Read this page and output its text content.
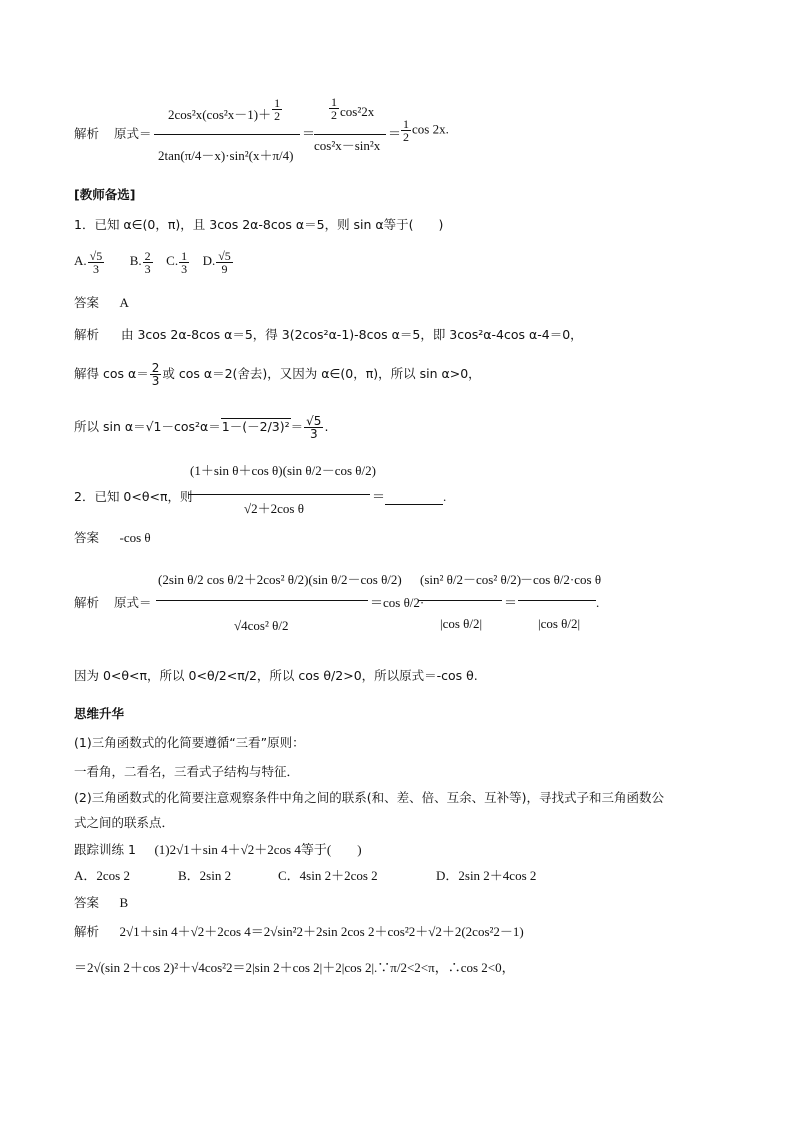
解析 原式＝
$2\cos^2x(\cos^2x-1)+ \frac{1}{2}$
2tan(π/4－x)·sin²(x＋π/4)
＝
$\frac{1}{2} \cos^22x$
cos²x－sin²x
＝ $\frac{1}{2}$ cos 2x.
[教师备选]
1．已知 α∈(0，π)，且 3cos 2α-8cos α＝5，则 sin α等于(　　)
A. $\frac{√5}{3} B$. $\frac{2}{3} C$. $\frac{1}{3} D$. $\frac{√5}{9}$
答案 A
解析 由 3cos 2α-8cos α＝5，得 3(2cos²α-1)-8cos α＝5，即 3cos²α-4cos α-4＝0，
解得 $\cos \alpha= \frac{2}{3}$ 或 cos α＝2(舍去)，又因为 α∈(0，π)，所以 sin α>0，
所以 $\sin \alpha=√1-\cos^2\alpha=1-(-2/3)^2= \frac{√5}{3}$ .
2．已知 0<θ<π，则
(1＋sin θ＋cos θ)(sin θ/2－cos θ/2)
√2＋2cos θ
＝	.
答案 -cos θ
解析 原式＝
(2sin θ/2 cos θ/2＋2cos² θ/2)(sin θ/2－cos θ/2)
√4cos² θ/2
＝cos θ/2·
(sin² θ/2－cos² θ/2)
|cos θ/2|
＝
－cos θ/2·cos θ
|cos θ/2|
.
因为 0<θ<π，所以 0<θ/2<π/2，所以 cos θ/2>0，所以原式＝-cos θ.
思维升华
(1)三角函数式的化简要遵循“三看”原则：
一看角，二看名，三看式子结构与特征．
(2)三角函数式的化简要注意观察条件中角之间的联系(和、差、倍、互余、互补等)，寻找式子和三角函数公
式之间的联系点．
跟踪训练 1 (1)2√1＋sin 4＋√2＋2cos 4等于(　　)
A．2cos 2	B．2sin 2	C．4sin 2＋2cos 2	D．2sin 2＋4cos 2
答案 B
解析 2√1＋sin 4＋√2＋2cos 4＝2√sin²2＋2sin 2cos 2＋cos²2＋√2＋2(2cos²2－1)
＝2√(sin 2＋cos 2)²＋√4cos²2＝2|sin 2＋cos 2|＋2|cos 2|.∵π/2<2<π，∴cos 2<0，
